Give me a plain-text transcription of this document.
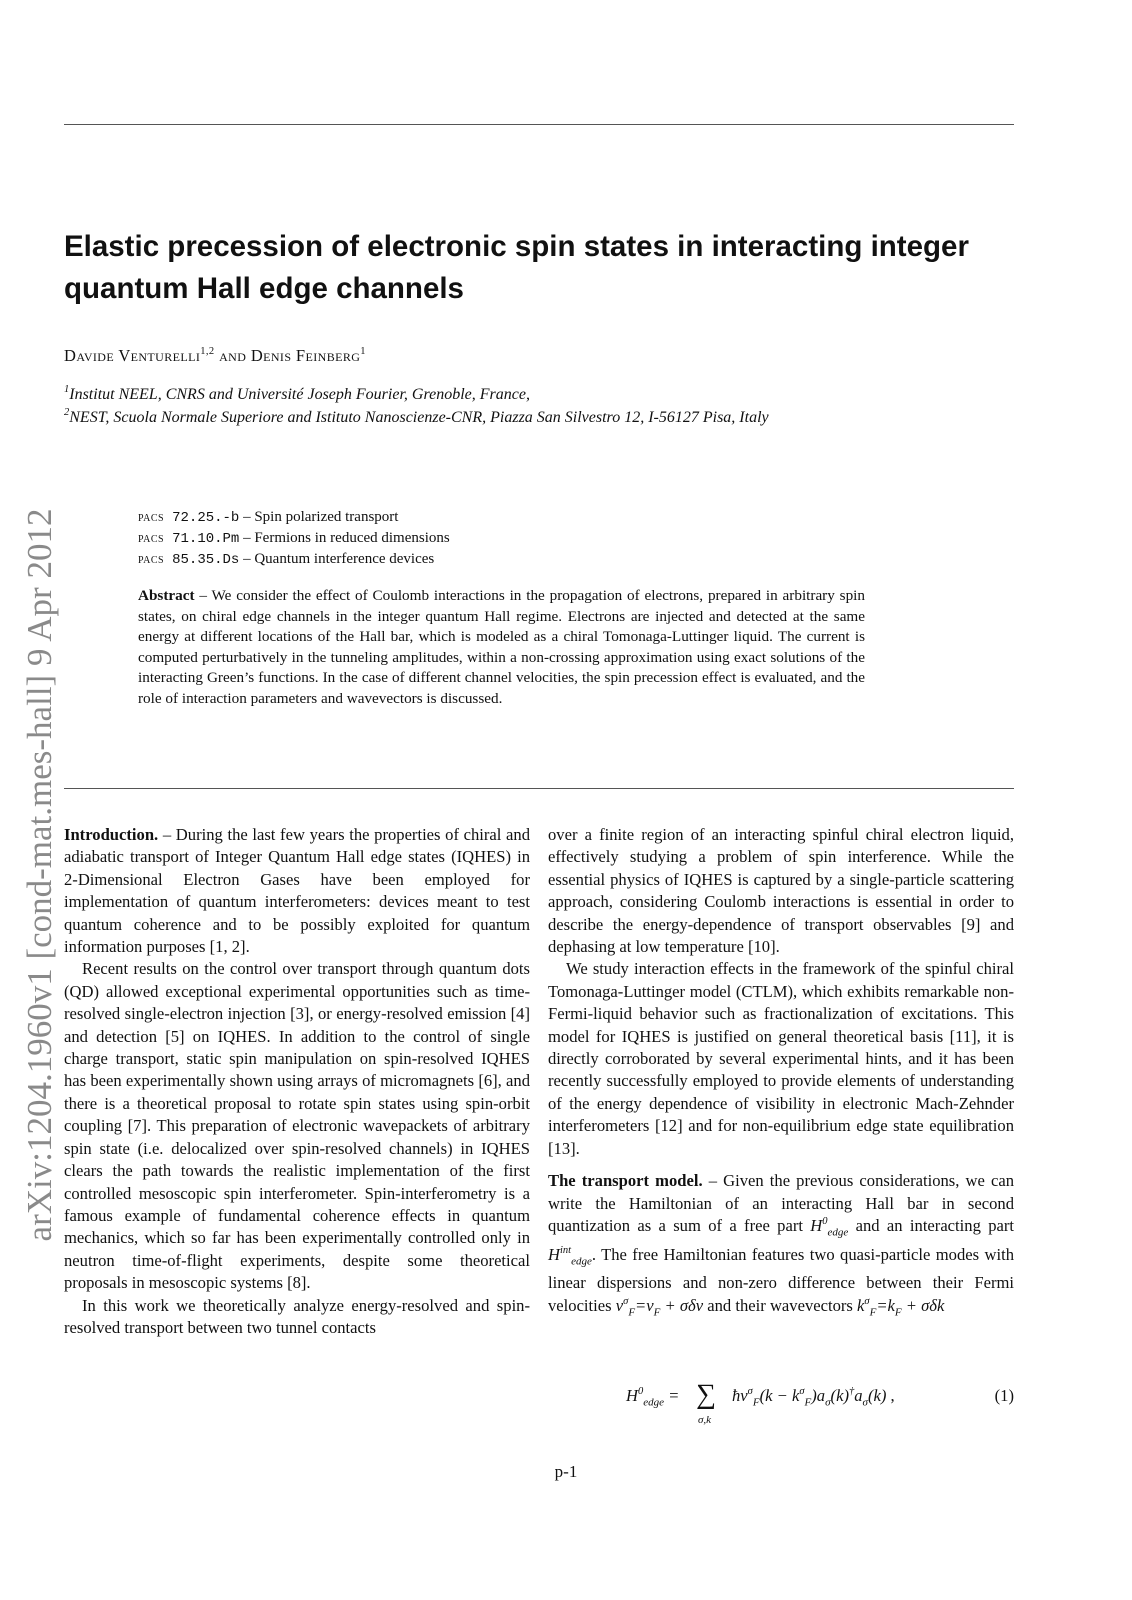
Elastic precession of electronic spin states in interacting integer quantum Hall edge channels
Davide Venturelli$^{1,2}$ and Denis Feinberg$^1$
$^1$Institut NEEL, CNRS and Université Joseph Fourier, Grenoble, France,
$^2$NEST, Scuola Normale Superiore and Istituto Nanoscienze-CNR, Piazza San Silvestro 12, I-56127 Pisa, Italy
arXiv:1204.1960v1 [cond-mat.mes-hall] 9 Apr 2012	pacs 72.25.-b – Spin polarized transport
pacs 71.10.Pm – Fermions in reduced dimensions
pacs 85.35.Ds – Quantum interference devices

Abstract – We consider the effect of Coulomb interactions in the propagation of electrons, prepared in arbitrary spin states, on chiral edge channels in the integer quantum Hall regime. Electrons are injected and detected at the same energy at different locations of the Hall bar, which is modeled as a chiral Tomonaga-Luttinger liquid. The current is computed perturbatively in the tunneling amplitudes, within a non-crossing approximation using exact solutions of the interacting Green’s functions. In the case of different channel velocities, the spin precession effect is evaluated, and the role of interaction parameters and wavevectors is discussed.

Introduction. – During the last few years the properties of chiral and adiabatic transport of Integer Quantum Hall edge states (IQHES) in 2-Dimensional Electron Gases have been employed for implementation of quantum interferometers: devices meant to test quantum coherence and to be possibly exploited for quantum information purposes [1, 2].

Recent results on the control over transport through quantum dots (QD) allowed exceptional experimental opportunities such as time-resolved single-electron injection [3], or energy-resolved emission [4] and detection [5] on IQHES. In addition to the control of single charge transport, static spin manipulation on spin-resolved IQHES has been experimentally shown using arrays of micromagnets [6], and there is a theoretical proposal to rotate spin states using spin-orbit coupling [7]. This preparation of electronic wavepackets of arbitrary spin state (i.e. delocalized over spin-resolved channels) in IQHES clears the path towards the realistic implementation of the first controlled mesoscopic spin interferometer. Spin-interferometry is a famous example of fundamental coherence effects in quantum mechanics, which so far has been experimentally controlled only in neutron time-of-flight experiments, despite some theoretical proposals in mesoscopic systems [8].

In this work we theoretically analyze energy-resolved and spin-resolved transport between two tunnel contacts

over a finite region of an interacting spinful chiral electron liquid, effectively studying a problem of spin interference. While the essential physics of IQHES is captured by a single-particle scattering approach, considering Coulomb interactions is essential in order to describe the energy-dependence of transport observables [9] and dephasing at low temperature [10].

We study interaction effects in the framework of the spinful chiral Tomonaga-Luttinger model (CTLM), which exhibits remarkable non-Fermi-liquid behavior such as fractionalization of excitations. This model for IQHES is justified on general theoretical basis [11], it is directly corroborated by several experimental hints, and it has been recently successfully employed to provide elements of understanding of the energy dependence of visibility in electronic Mach-Zehnder interferometers [12] and for non-equilibrium edge state equilibration [13].

The transport model. – Given the previous considerations, we can write the Hamiltonian of an interacting Hall bar in second quantization as a sum of a free part $H^0_{edge}$ and an interacting part $H^{int}_{edge}$. The free Hamiltonian features two quasi-particle modes with linear dispersions and non-zero difference between their Fermi velocities $v^\sigma_F=v_F + \sigma\delta v$ and their wavevectors $k^\sigma_F=k_F + \sigma\delta k$

$H^0_{edge}$ = ∑
σ,k
$ħv^\sigma_F(k - k^\sigma_F)a_\sigma(k)^\dagger a_\sigma(k)$ ,	(1)
p-1
